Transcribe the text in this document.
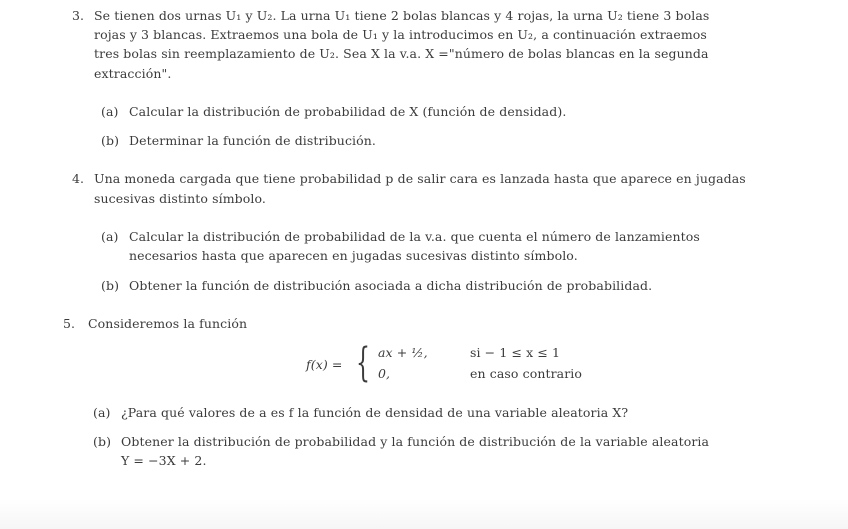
3. Se tienen dos urnas U₁ y U₂. La urna U₁ tiene 2 bolas blancas y 4 rojas, la urna U₂ tiene 3 bolas
rojas y 3 blancas. Extraemos una bola de U₁ y la introducimos en U₂, a continuación extraemos
tres bolas sin reemplazamiento de U₂. Sea X la v.a. X ="número de bolas blancas en la segunda
extracción".
(a) Calcular la distribución de probabilidad de X (función de densidad).
(b) Determinar la función de distribución.
4. Una moneda cargada que tiene probabilidad p de salir cara es lanzada hasta que aparece en jugadas
sucesivas distinto símbolo.
(a) Calcular la distribución de probabilidad de la v.a. que cuenta el número de lanzamientos
necesarios hasta que aparecen en jugadas sucesivas distinto símbolo.
(b) Obtener la función de distribución asociada a dicha distribución de probabilidad.
5. Consideremos la función
f(x) = { ax + ½,	si − 1 ≤ x ≤ 1
0,	en caso contrario
(a) ¿Para qué valores de a es f la función de densidad de una variable aleatoria X?
(b) Obtener la distribución de probabilidad y la función de distribución de la variable aleatoria
Y = −3X + 2.
